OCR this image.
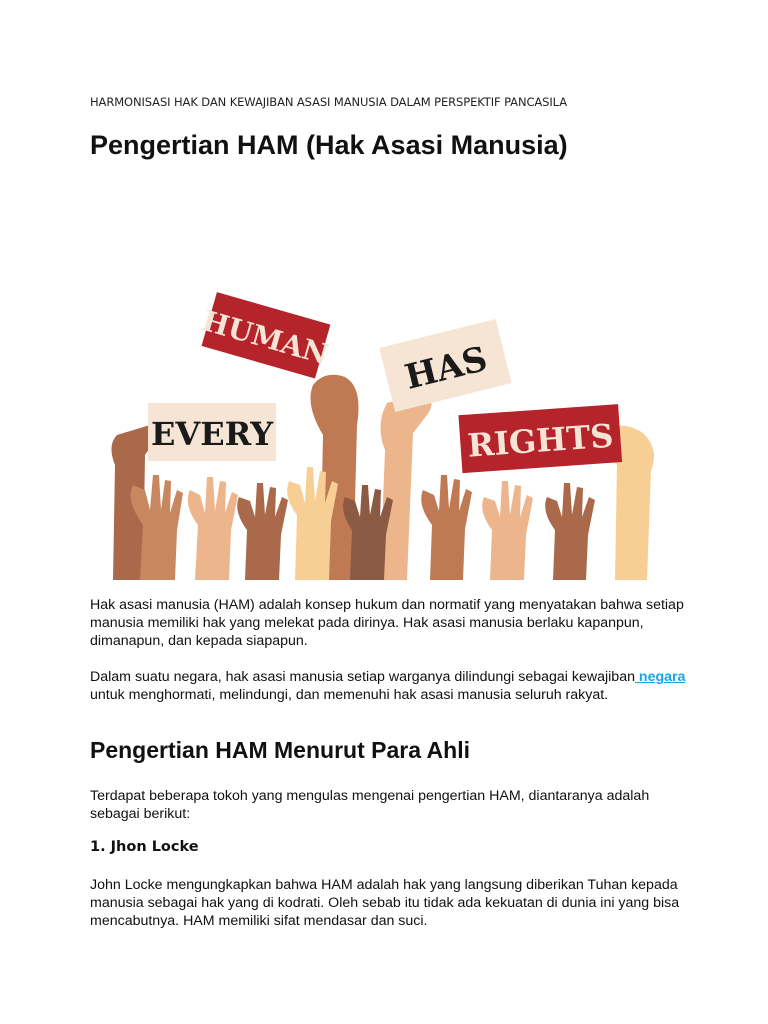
HARMONISASI HAK DAN KEWAJIBAN ASASI MANUSIA DALAM PERSPEKTIF PANCASILA
Pengertian HAM (Hak Asasi Manusia)
HUMAN HAS
EVERY	RIGHTS

Hak asasi manusia (HAM) adalah konsep hukum dan normatif yang menyatakan bahwa setiap manusia memiliki hak yang melekat pada dirinya. Hak asasi manusia berlaku kapanpun, dimanapun, dan kepada siapapun.

Dalam suatu negara, hak asasi manusia setiap warganya dilindungi sebagai kewajiban negara untuk menghormati, melindungi, dan memenuhi hak asasi manusia seluruh rakyat.

Pengertian HAM Menurut Para Ahli

Terdapat beberapa tokoh yang mengulas mengenai pengertian HAM, diantaranya adalah sebagai berikut:

1. Jhon Locke

John Locke mengungkapkan bahwa HAM adalah hak yang langsung diberikan Tuhan kepada manusia sebagai hak yang di kodrati. Oleh sebab itu tidak ada kekuatan di dunia ini yang bisa mencabutnya. HAM memiliki sifat mendasar dan suci.
